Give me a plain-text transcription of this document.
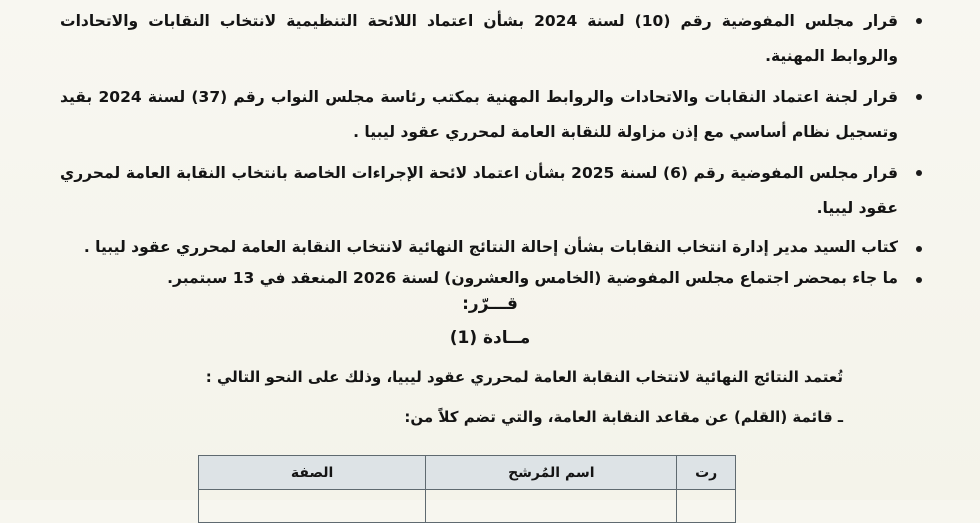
قرار مجلس المفوضية رقم (10) لسنة 2024 بشأن اعتماد اللائحة التنظيمية لانتخاب النقابات والاتحادات والروابط المهنية.
قرار لجنة اعتماد النقابات والاتحادات والروابط المهنية بمكتب رئاسة مجلس النواب رقم (37) لسنة 2024 بقيد وتسجيل نظام أساسي مع إذن مزاولة للنقابة العامة لمحرري عقود ليبيا .
قرار مجلس المفوضية رقم (6) لسنة 2025 بشأن اعتماد لائحة الإجراءات الخاصة بانتخاب النقابة العامة لمحرري عقود ليبيا.
كتاب السيد مدير إدارة انتخاب النقابات بشأن إحالة النتائج النهائية لانتخاب النقابة العامة لمحرري عقود ليبيا .
ما جاء بمحضر اجتماع مجلس المفوضية (الخامس والعشرون) لسنة 2026 المنعقد في 13 سبتمبر.
قـــرّر:
مــادة (1)
تُعتمد النتائج النهائية لانتخاب النقابة العامة لمحرري عقود ليبيا، وذلك على النحو التالي :
ـ قائمة (القلم) عن مقاعد النقابة العامة، والتي تضم كلاً من:
رت	اسم المُرشح	الصفة
